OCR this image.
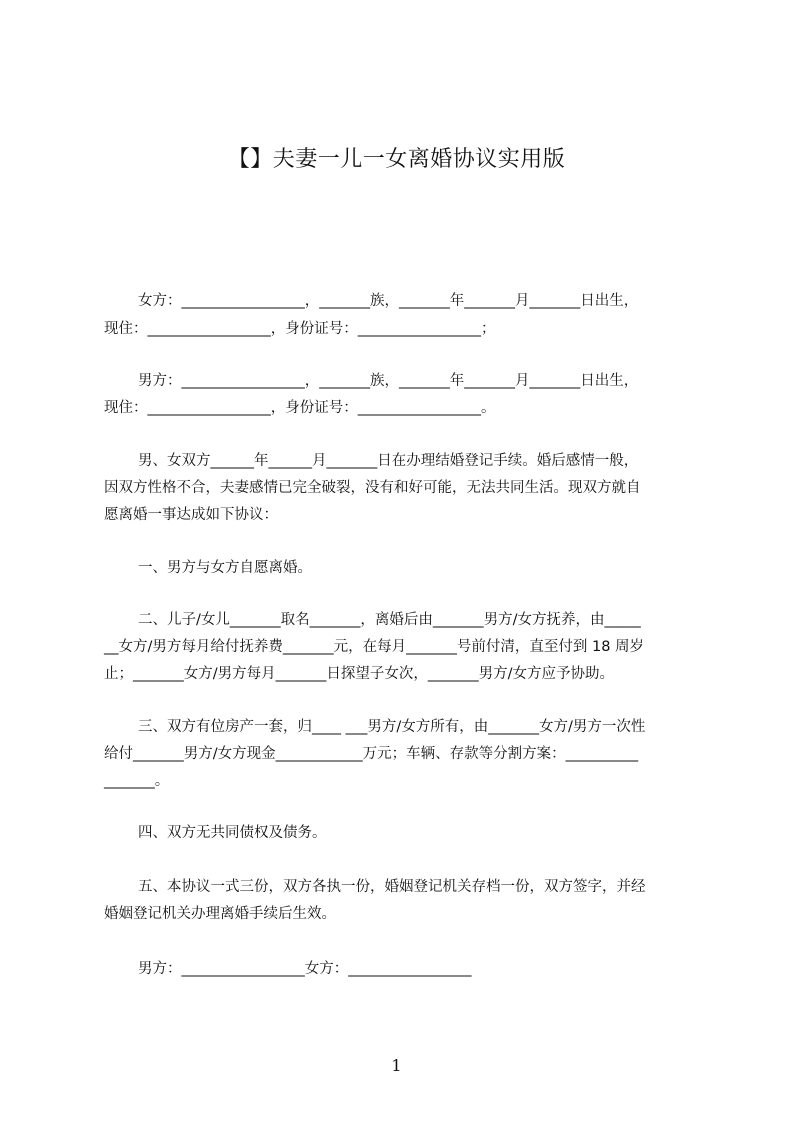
【】夫妻一儿一女离婚协议实用版
女方：_________________，_______族，_______年_______月_______日出生，
现住：_________________，身份证号：_________________；
男方：_________________，_______族，_______年_______月_______日出生，
现住：_________________，身份证号：_________________。
男、女双方______年______月_______日在办理结婚登记手续。婚后感情一般，
因双方性格不合，夫妻感情已完全破裂，没有和好可能，无法共同生活。现双方就自
愿离婚一事达成如下协议：
一、男方与女方自愿离婚。
二、儿子/女儿_______取名_______，离婚后由_______男方/女方抚养，由_____
__女方/男方每月给付抚养费_______元，在每月_______号前付清，直至付到 18 周岁
止；_______女方/男方每月_______日探望子女次，_______男方/女方应予协助。
三、双方有位房产一套，归____ ___男方/女方所有，由_______女方/男方一次性
给付_______男方/女方现金____________万元；车辆、存款等分割方案：__________
_______。
四、双方无共同债权及债务。
五、本协议一式三份，双方各执一份，婚姻登记机关存档一份，双方签字，并经
婚姻登记机关办理离婚手续后生效。
男方：_________________女方：_________________
1
